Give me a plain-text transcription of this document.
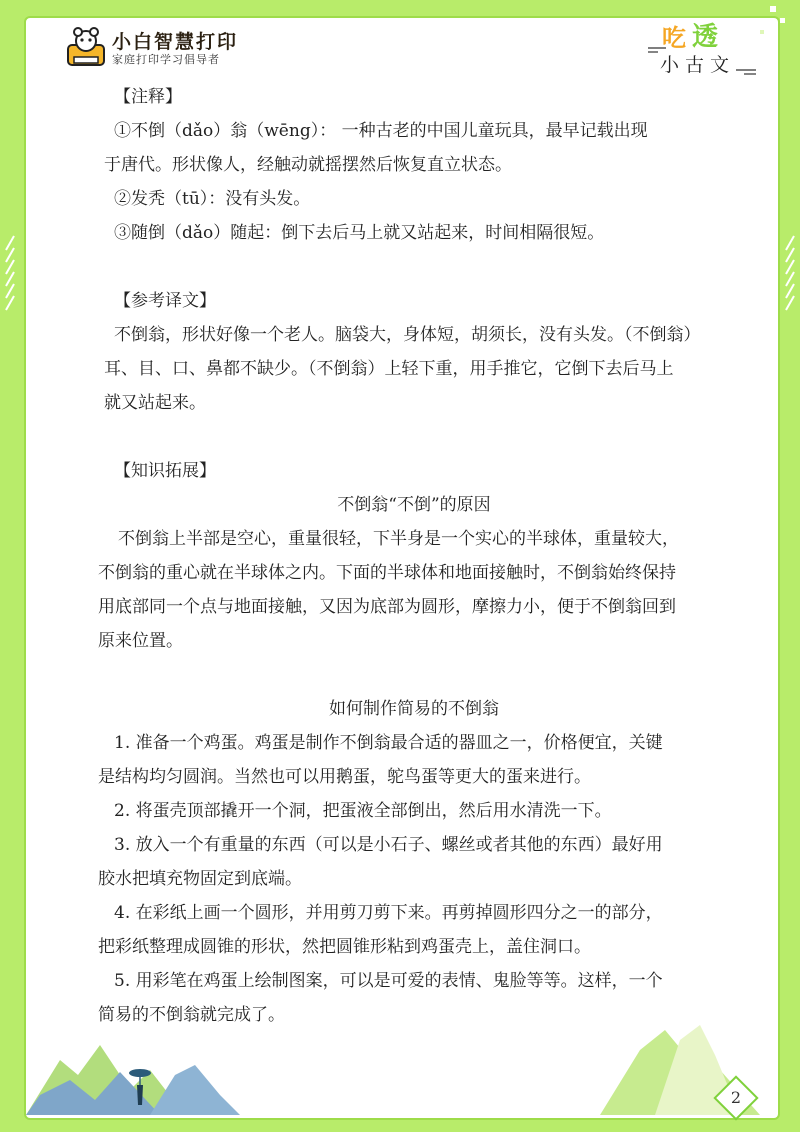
小白智慧打印
家庭打印学习倡导者
吃 透
小古文

【注释】

①不倒（dǎo）翁（wēng）： 一种古老的中国儿童玩具，最早记载出现

于唐代。形状像人，经触动就摇摆然后恢复直立状态。

②发秃（tū）：没有头发。

③随倒（dǎo）随起：倒下去后马上就又站起来，时间相隔很短。

【参考译文】

不倒翁，形状好像一个老人。脑袋大，身体短，胡须长，没有头发。（不倒翁）

耳、目、口、鼻都不缺少。（不倒翁）上轻下重，用手推它，它倒下去后马上

就又站起来。

【知识拓展】

不倒翁“不倒”的原因

不倒翁上半部是空心，重量很轻，下半身是一个实心的半球体，重量较大，

不倒翁的重心就在半球体之内。下面的半球体和地面接触时，不倒翁始终保持

用底部同一个点与地面接触，又因为底部为圆形，摩擦力小，便于不倒翁回到

原来位置。

如何制作简易的不倒翁

1. 准备一个鸡蛋。鸡蛋是制作不倒翁最合适的器皿之一，价格便宜，关键

是结构均匀圆润。当然也可以用鹅蛋，鸵鸟蛋等更大的蛋来进行。

2. 将蛋壳顶部撬开一个洞，把蛋液全部倒出，然后用水清洗一下。

3. 放入一个有重量的东西（可以是小石子、螺丝或者其他的东西）最好用

胶水把填充物固定到底端。

4. 在彩纸上画一个圆形，并用剪刀剪下来。再剪掉圆形四分之一的部分，

把彩纸整理成圆锥的形状，然把圆锥形粘到鸡蛋壳上，盖住洞口。

5. 用彩笔在鸡蛋上绘制图案，可以是可爱的表情、鬼脸等等。这样，一个

简易的不倒翁就完成了。

2
